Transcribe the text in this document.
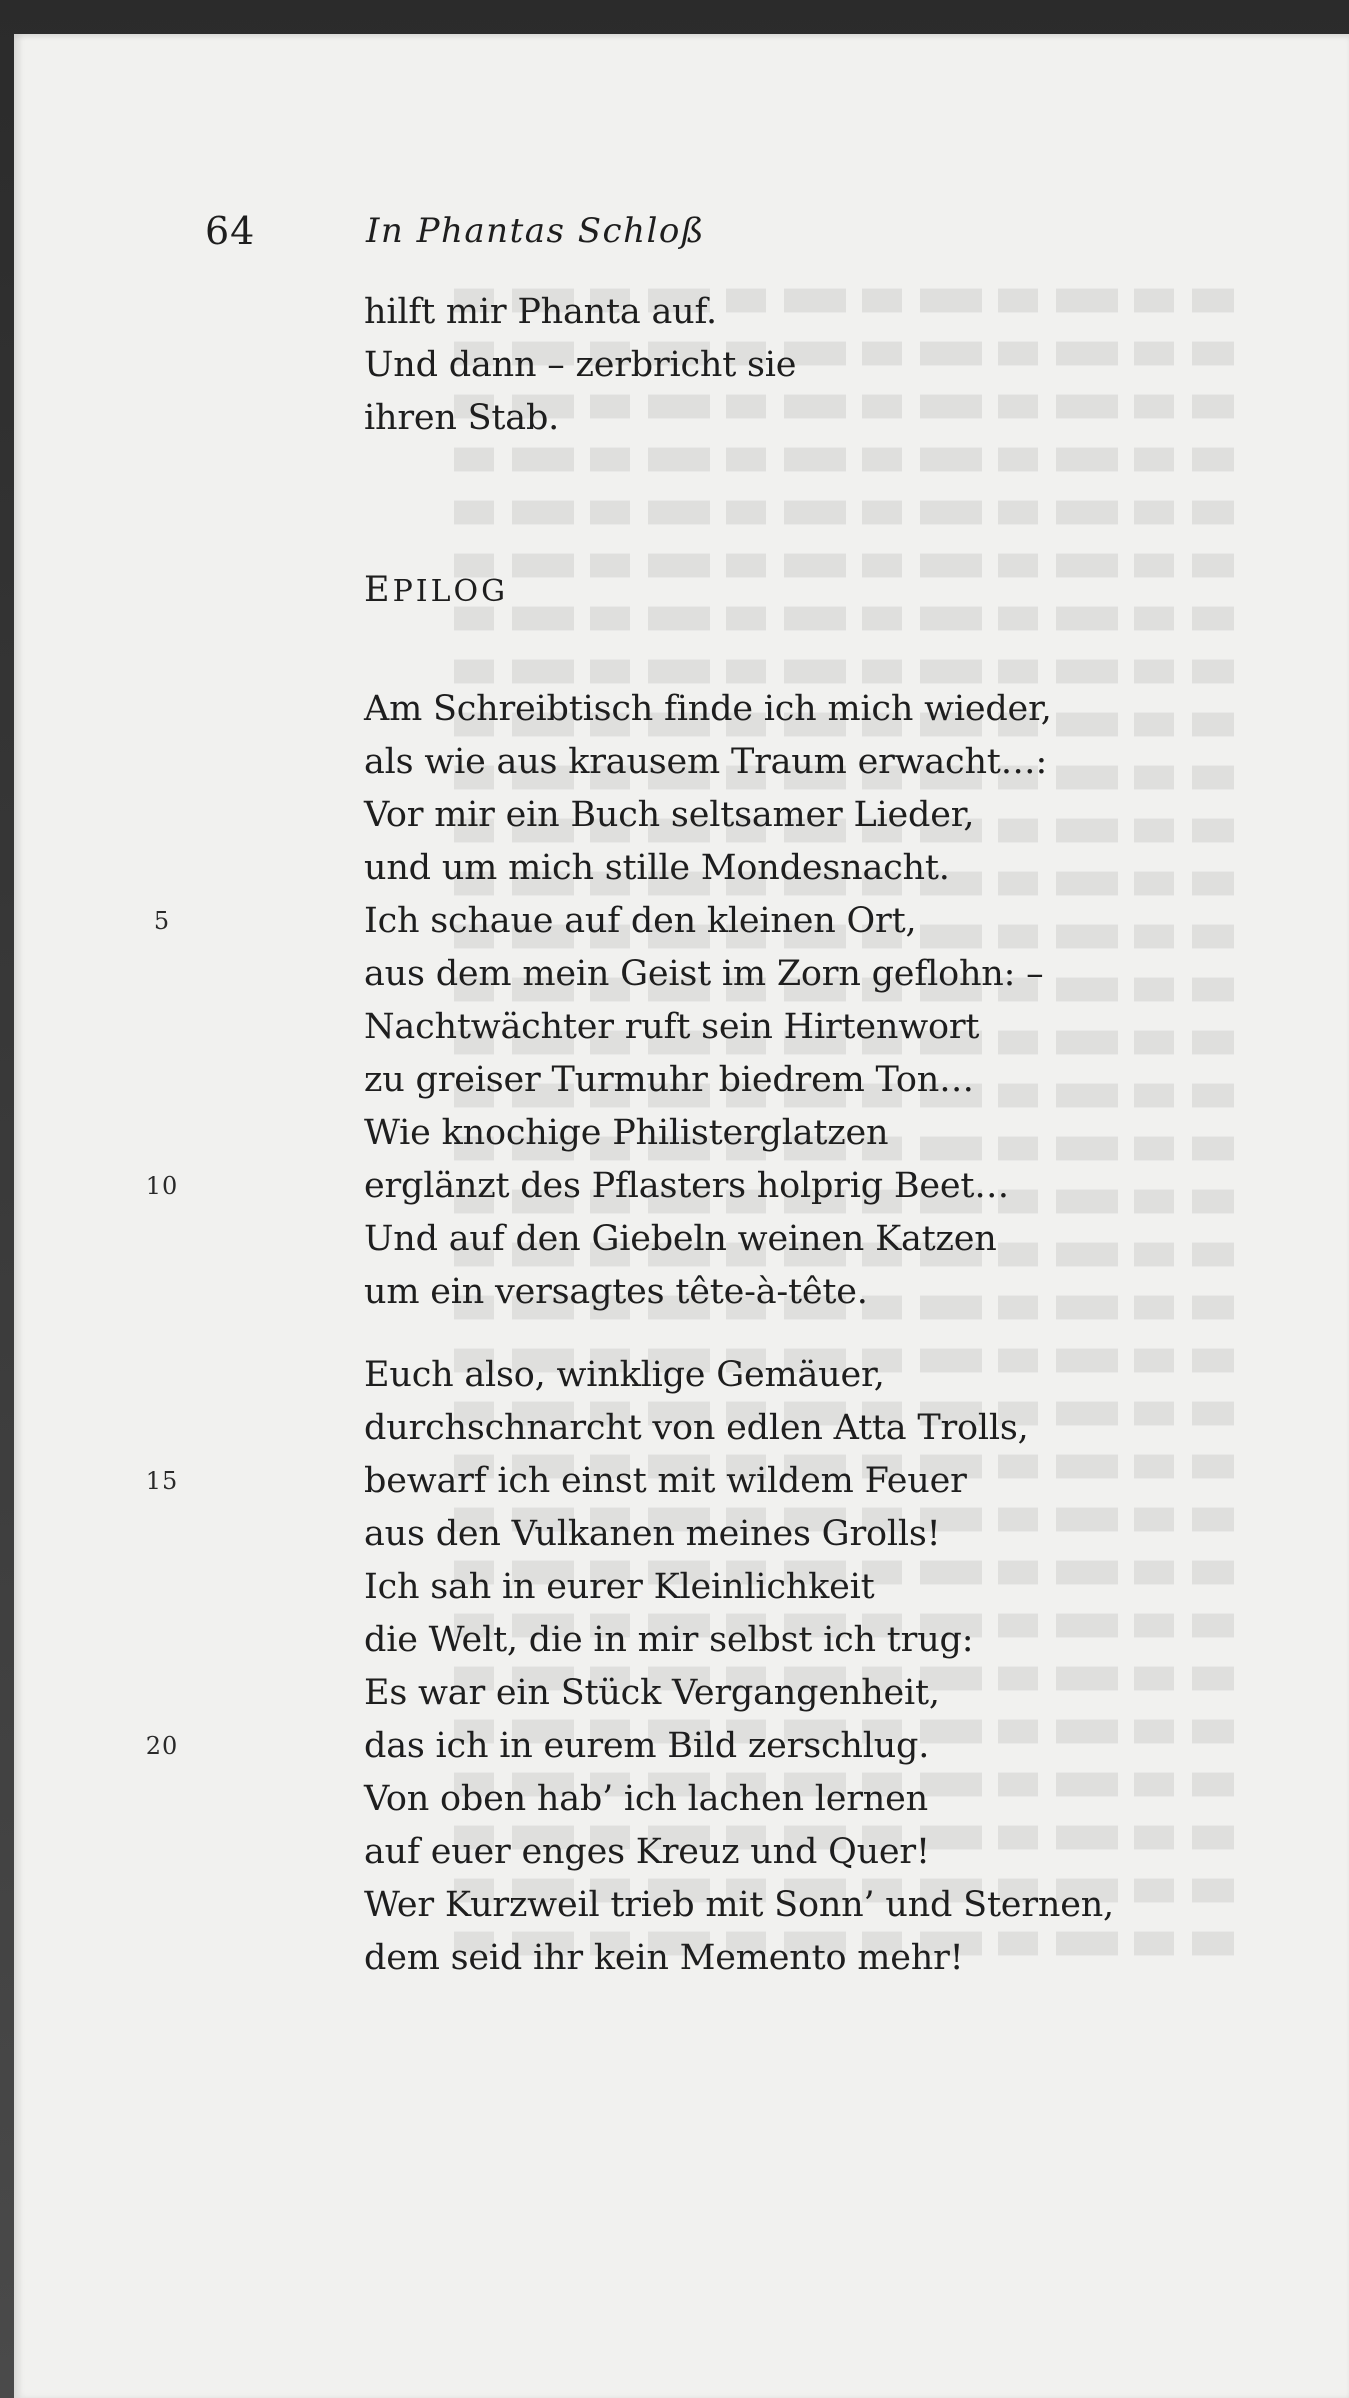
64	In Phantas Schloß
hilft mir Phanta auf.
Und dann – zerbricht sie
ihren Stab.
EPILOG
Am Schreibtisch finde ich mich wieder,
als wie aus krausem Traum erwacht…:
Vor mir ein Buch seltsamer Lieder,
und um mich stille Mondesnacht.
Ich schaue auf den kleinen Ort,
aus dem mein Geist im Zorn geflohn: –
Nachtwächter ruft sein Hirtenwort
zu greiser Turmuhr biedrem Ton…
Wie knochige Philisterglatzen
erglänzt des Pflasters holprig Beet…
Und auf den Giebeln weinen Katzen
um ein versagtes tête-à-tête.
Euch also, winklige Gemäuer,
durchschnarcht von edlen Atta Trolls,
bewarf ich einst mit wildem Feuer
aus den Vulkanen meines Grolls!
Ich sah in eurer Kleinlichkeit
die Welt, die in mir selbst ich trug:
Es war ein Stück Vergangenheit,
das ich in eurem Bild zerschlug.
Von oben hab’ ich lachen lernen
auf euer enges Kreuz und Quer!
Wer Kurzweil trieb mit Sonn’ und Sternen,
dem seid ihr kein Memento mehr!
5
10
15
20
